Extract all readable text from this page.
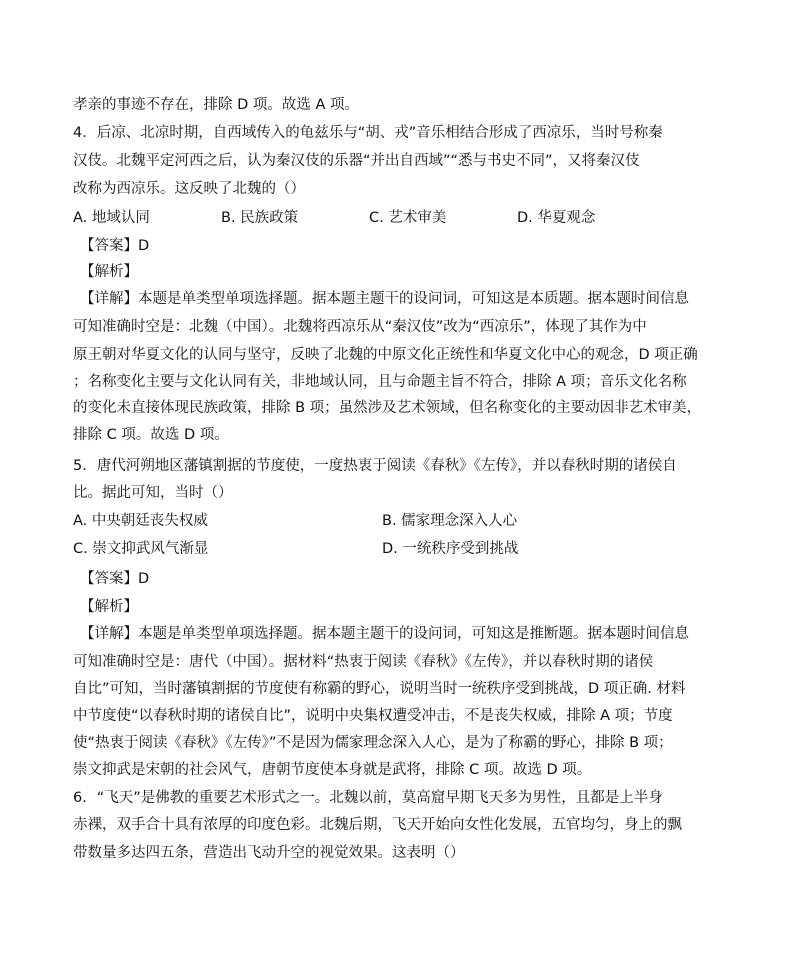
孝亲的事迹不存在，排除 D 项。故选 A 项。
4．后凉、北凉时期，自西域传入的龟兹乐与“胡、戎”音乐相结合形成了西凉乐，当时号称秦
汉伎。北魏平定河西之后，认为秦汉伎的乐器“并出自西域”“悉与书史不同”，又将秦汉伎
改称为西凉乐。这反映了北魏的（）
A. 地域认同	B. 民族政策	C. 艺术审美	D. 华夏观念
【答案】D
【解析】
【详解】本题是单类型单项选择题。据本题主题干的设问词，可知这是本质题。据本题时间信息
可知准确时空是：北魏（中国）。北魏将西凉乐从“秦汉伎”改为“西凉乐”，体现了其作为中
原王朝对华夏文化的认同与坚守，反映了北魏的中原文化正统性和华夏文化中心的观念，D 项正确
；名称变化主要与文化认同有关，非地域认同，且与命题主旨不符合，排除 A 项；音乐文化名称
的变化未直接体现民族政策，排除 B 项；虽然涉及艺术领域，但名称变化的主要动因非艺术审美，
排除 C 项。故选 D 项。
5．唐代河朔地区藩镇割据的节度使，一度热衷于阅读《春秋》《左传》，并以春秋时期的诸侯自
比。据此可知，当时（）
A. 中央朝廷丧失权威	B. 儒家理念深入人心
C. 崇文抑武风气渐显	D. 一统秩序受到挑战
【答案】D
【解析】
【详解】本题是单类型单项选择题。据本题主题干的设问词，可知这是推断题。据本题时间信息
可知准确时空是：唐代（中国）。据材料“热衷于阅读《春秋》《左传》，并以春秋时期的诸侯
自比”可知，当时藩镇割据的节度使有称霸的野心，说明当时一统秩序受到挑战，D 项正确. 材料
中节度使“以春秋时期的诸侯自比”，说明中央集权遭受冲击，不是丧失权威，排除 A 项；节度
使“热衷于阅读《春秋》《左传》”不是因为儒家理念深入人心，是为了称霸的野心，排除 B 项；
崇文抑武是宋朝的社会风气，唐朝节度使本身就是武将，排除 C 项。故选 D 项。
6．“飞天”是佛教的重要艺术形式之一。北魏以前，莫高窟早期飞天多为男性，且都是上半身
赤裸，双手合十具有浓厚的印度色彩。北魏后期，飞天开始向女性化发展，五官均匀，身上的飘
带数量多达四五条，营造出飞动升空的视觉效果。这表明（）
